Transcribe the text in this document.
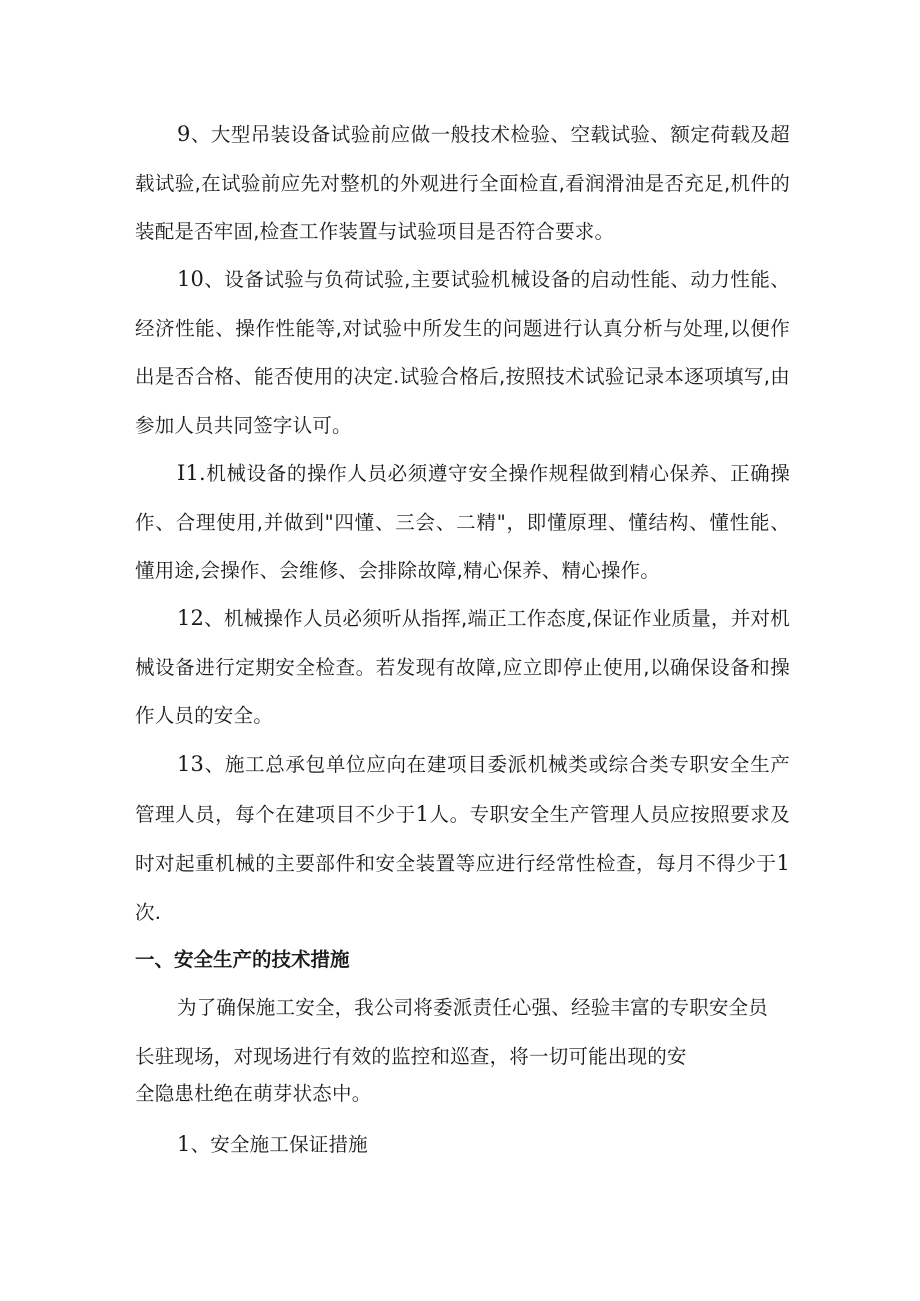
9、大型吊装设备试验前应做一般技术检验、空载试验、额定荷载及超载试验,在试验前应先对整机的外观进行全面检直,看润滑油是否充足,机件的装配是否牢固,检查工作装置与试验项目是否符合要求。

10、设备试验与负荷试验,主要试验机械设备的启动性能、动力性能、经济性能、操作性能等,对试验中所发生的问题进行认真分析与处理,以便作出是否合格、能否使用的决定.试验合格后,按照技术试验记录本逐项填写,由参加人员共同签字认可。

I1.机械设备的操作人员必须遵守安全操作规程做到精心保养、正确操作、合理使用,并做到"四懂、三会、二精"，即懂原理、懂结构、懂性能、懂用途,会操作、会维修、会排除故障,精心保养、精心操作。

12、机械操作人员必须听从指挥,端正工作态度,保证作业质量，并对机械设备进行定期安全检查。若发现有故障,应立即停止使用,以确保设备和操作人员的安全。

13、施工总承包单位应向在建项目委派机械类或综合类专职安全生产管理人员，每个在建项目不少于1人。专职安全生产管理人员应按照要求及时对起重机械的主要部件和安全装置等应进行经常性检查，每月不得少于1次.

一、安全生产的技术措施

为了确保施工安全，我公司将委派责任心强、经验丰富的专职安全员

长驻现场，对现场进行有效的监控和巡查，将一切可能出现的安

全隐患杜绝在萌芽状态中。

1、安全施工保证措施
